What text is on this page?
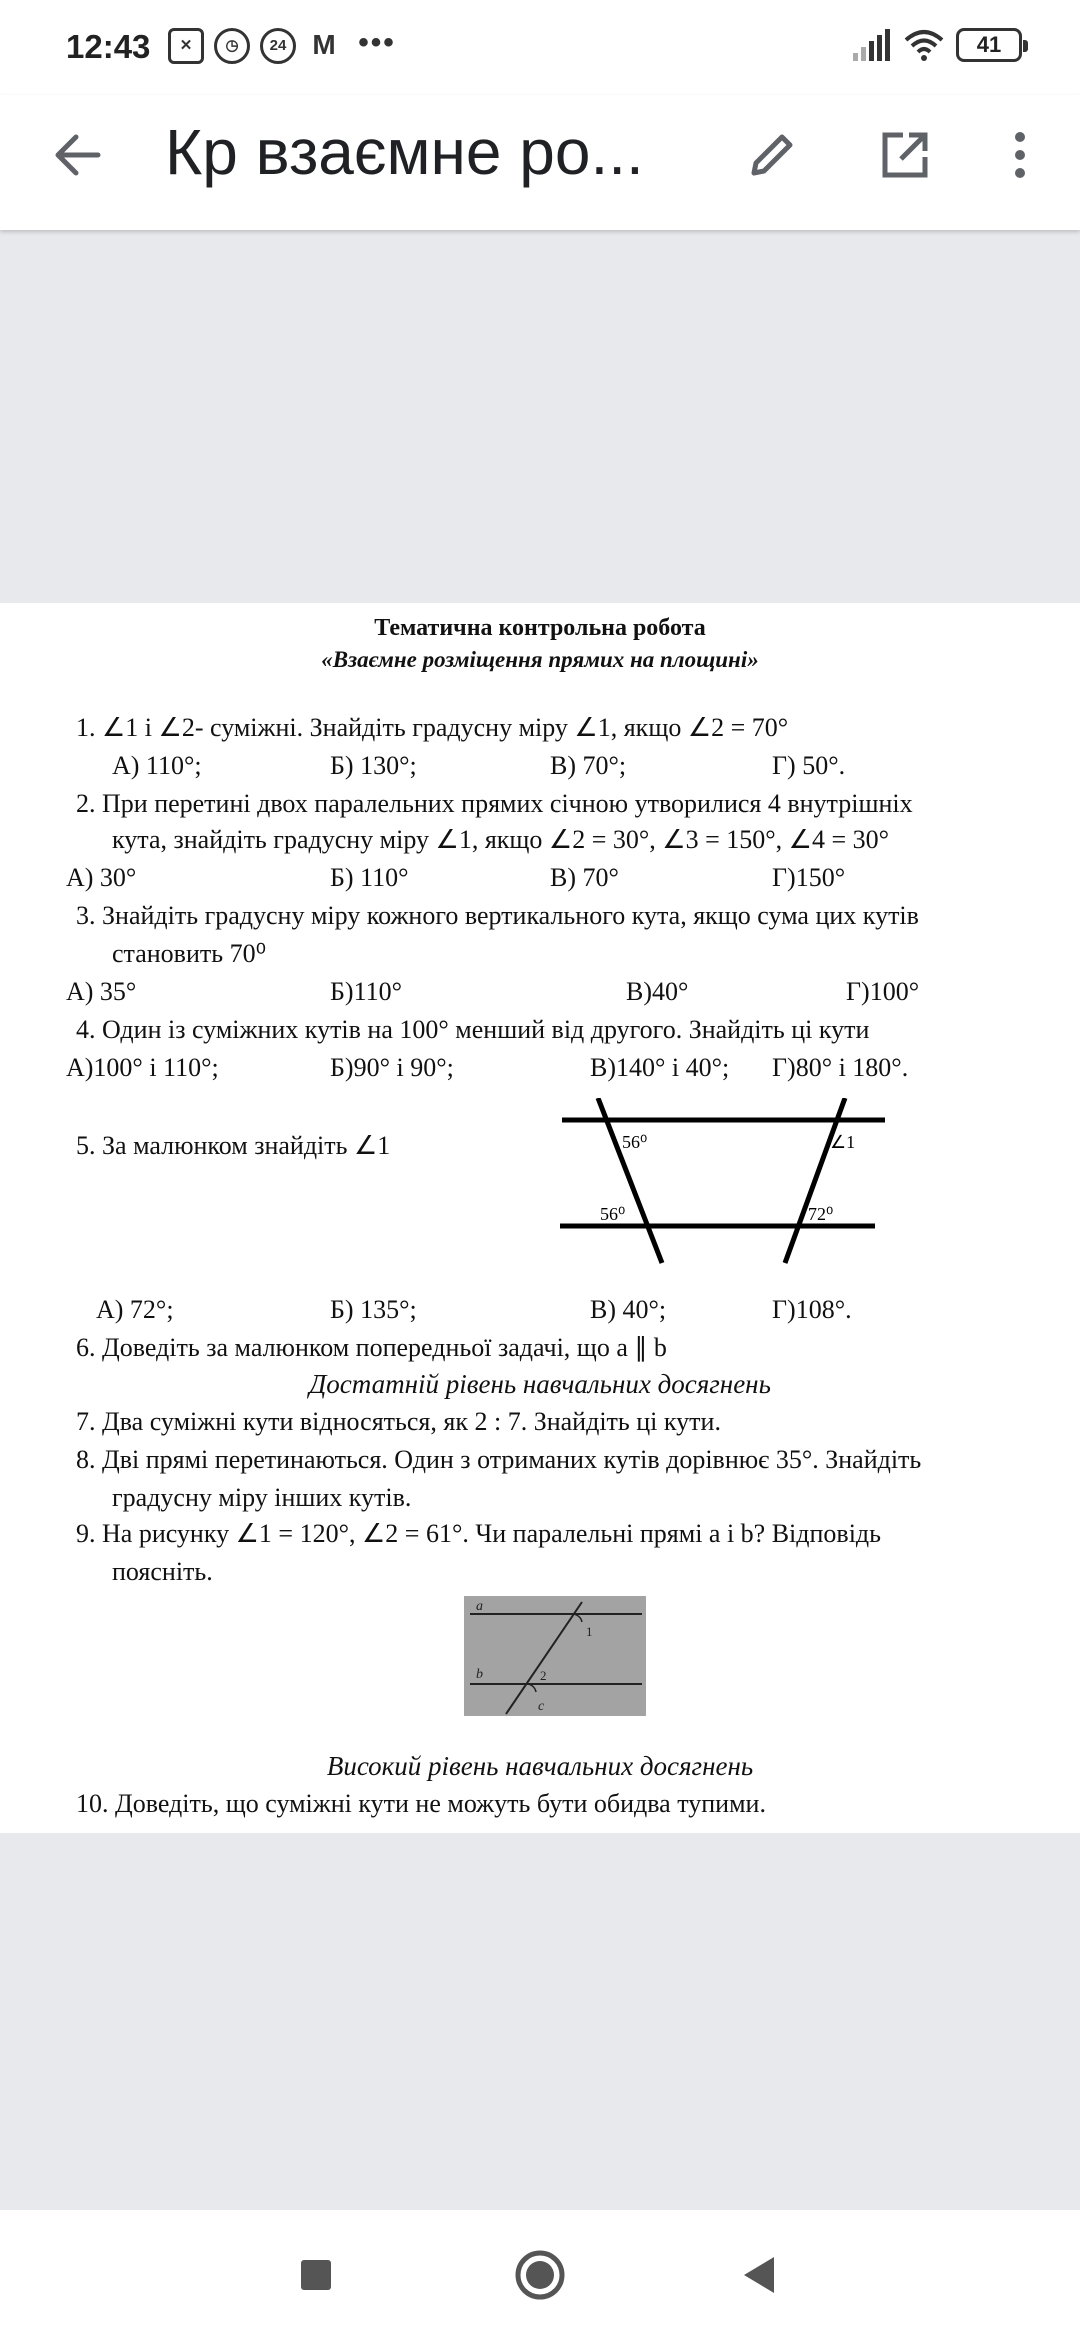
12:43	✕	◷	24 M •••	41
Кр взаємне ро...
Тематична контрольна робота
«Взаємне розміщення прямих на площині»
1. ∠1 і ∠2- суміжні. Знайдіть градусну міру ∠1, якщо ∠2 = 70°
А) 110°;	Б) 130°;	В) 70°;	Г) 50°.
2. При перетині двох паралельних прямих січною утворилися 4 внутрішніх
кута, знайдіть градусну міру ∠1, якщо ∠2 = 30°, ∠3 = 150°, ∠4 = 30°
А) 30°	Б) 110°	В) 70°	Г)150°
3. Знайдіть градусну міру кожного вертикального кута, якщо сума цих кутів
становить 70⁰
А) 35°	Б)110°	В)40°	Г)100°
4. Один із суміжних кутів на 100° менший від другого. Знайдіть ці кути
А)100° і 110°;	Б)90° і 90°;	В)140° і 40°; Г)80° і 180°.
5. За малюнком знайдіть ∠1	56⁰	∠1
56⁰	72⁰
А) 72°;	Б) 135°;	В) 40°;	Г)108°.
6. Доведіть за малюнком попередньої задачі, що a ∥ b
Достатній рівень навчальних досягнень
7. Два суміжні кути відносяться, як 2 : 7. Знайдіть ці кути.
8. Дві прямі перетинаються. Один з отриманих кутів дорівнює 35°. Знайдіть
градусну міру інших кутів.
9. На рисунку ∠1 = 120°, ∠2 = 61°. Чи паралельні прямі a і b? Відповідь
поясніть.
a
b
c
1
2
Високий рівень навчальних досягнень
10. Доведіть, що суміжні кути не можуть бути обидва тупими.
